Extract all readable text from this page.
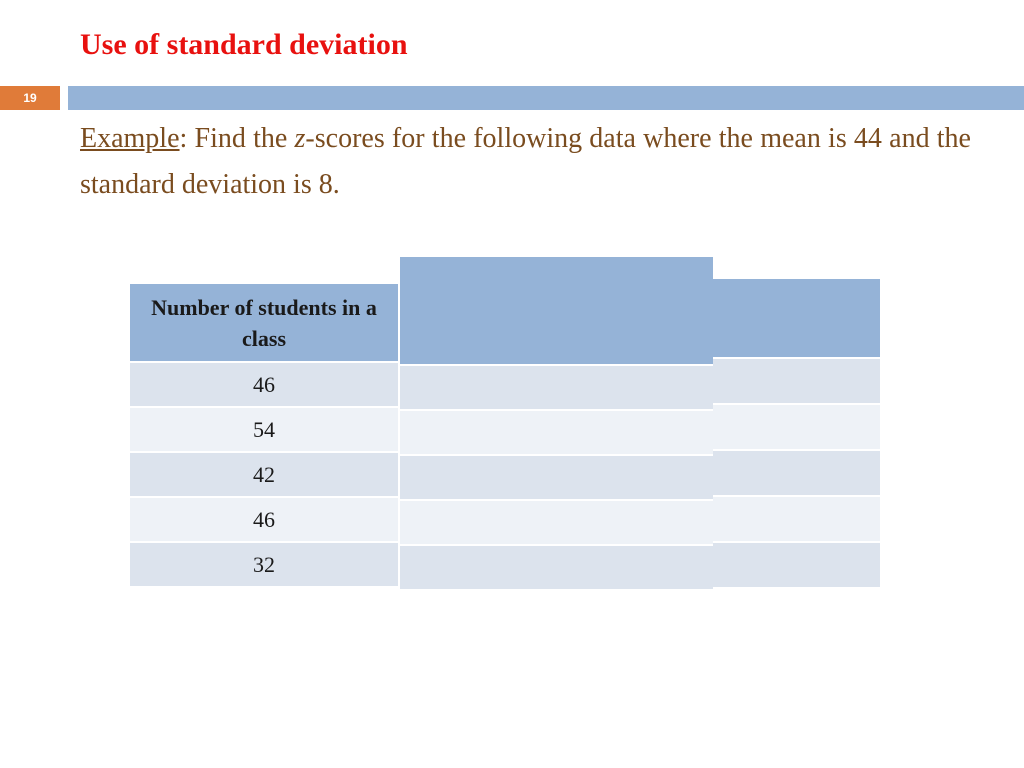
Use of standard deviation
19

Example: Find the z-scores for the following data where the mean is 44 and the standard deviation is 8.

Number of students in a class
46
54
42
46
32
